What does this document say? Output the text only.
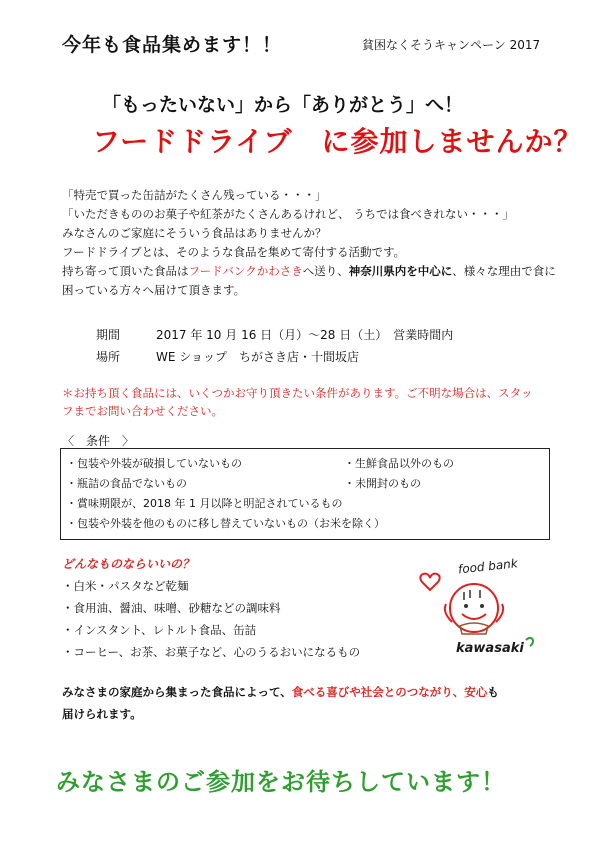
今年も食品集めます！！	貧困なくそうキャンペーン 2017
「もったいない」から「ありがとう」へ！
フードドライブ　に参加しませんか？
「特売で買った缶詰がたくさん残っている・・・」
「いただきもののお菓子や紅茶がたくさんあるけれど、 うちでは食べきれない・・・」
みなさんのご家庭にそういう食品はありませんか？
フードドライブとは、そのような食品を集めて寄付する活動です。
持ち寄って頂いた食品はフードバンクかわさきへ送り、神奈川県内を中心に、様々な理由で食に
困っている方々へ届けて頂きます。
期間	2017 年 10 月 16 日（月）～28 日（土）　営業時間内
場所	WE ショップ　ちがさき店・十間坂店
＊お持ち頂く食品には、いくつかお守り頂きたい条件があります。ご不明な場合は、スタッフまでお問い合わせください。
〈　条件　〉
・包装や外装が破損していないもの
・瓶詰の食品でないもの
・賞味期限が、2018 年 1 月以降と明記されているもの
・包装や外装を他のものに移し替えていないもの（お米を除く）
・生鮮食品以外のもの
・未開封のもの
どんなものならいいの？
・白米・パスタなど乾麺
・食用油、醤油、味噌、砂糖などの調味料
・インスタント、レトルト食品、缶詰
・コーヒー、お茶、お菓子など、心のうるおいになるもの
food bank
kawasaki
みなさまの家庭から集まった食品によって、食べる喜びや社会とのつながり、安心も
届けられます。
みなさまのご参加をお待ちしています！
